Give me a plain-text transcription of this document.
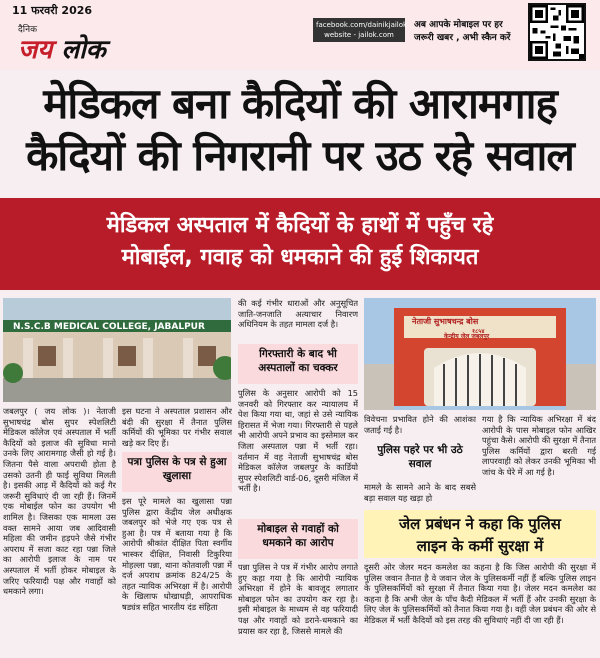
11 फरवरी 2026
दैनिक
जय लोक
facebook.com/dainikjailok
website - jailok.com
अब आपके मोबाइल पर हर
जरूरी खबर , अभी स्कैन करें
मेडिकल बना कैदियों की आरामगाह
कैदियों की निगरानी पर उठ रहे सवाल
मेडिकल अस्पताल में कैदियों के हाथों में पहुँच रहे
मोबाईल, गवाह को धमकाने की हुई शिकायत
N.S.C.B MEDICAL COLLEGE, JABALPUR
नेताजी सुभाषचन्द्र बोस
१८५४
केन्द्रीय जेल जबलपुर
जबलपुर ( जय लोक )। नेताजी सुभाषचंद्र बोस सुपर स्पेशलिटी मेडिकल कॉलेज एवं अस्पताल में भर्ती कैदियों को इलाज की सुविधा मानो उनके लिए आरामगाह जैसी हो गई है। जितना पैसे वाला अपराधी होता है उसको उतनी ही फाई सुविधा मिलती है। इसकी आड़ में कैदियों को कई गैर जरूरी सुविधाएं दी जा रही हैं। जिनमें एक मोबाईल फोन का उपयोग भी शामिल है। जिसका एक मामला उस वक्त सामने आया जब आदिवासी महिला की जमीन हड़पने जैसे गंभीर अपराध में सजा काट रहा पन्ना जिले का आरोपी इलाज के नाम पर अस्पताल में भर्ती होकर मोबाइल के जरिए फरियादी पक्ष और गवाहों को धमकाने लगा।
इस घटना ने अस्पताल प्रशासन और बंदी की सुरक्षा में तैनात पुलिस कर्मियों की भूमिका पर गंभीर सवाल खड़े कर दिए हैं।
पत्रा पुलिस के पत्र से हुआ खुलासा
इस पूरे मामले का खुलासा पन्ना पुलिस द्वारा केंद्रीय जेल अधीक्षक जबलपुर को भेजे गए एक पत्र से हुआ है। पत्र में बताया गया है कि आरोपी श्रीकांत दीक्षित पिता स्वर्गीय भास्कर दीक्षित, निवासी टिकुरिया मोहल्ला पन्ना, थाना कोतवाली पन्ना में दर्ज अपराध क्रमांक 824/25 के तहत न्यायिक अभिरक्षा में है। आरोपी के खिलाफ धोखाधड़ी, आपराधिक षड्यंत्र सहित भारतीय दंड संहिता
की कई गंभीर धाराओं और अनुसूचित जाति-जनजाति अत्याचार निवारण अधिनियम के तहत मामला दर्ज है।
गिरफ्तारी के बाद भी अस्पतालों का चक्कर
पुलिस के अनुसार आरोपी को 15 जनवरी को गिरफ्तार कर न्यायालय में पेश किया गया था, जहां से उसे न्यायिक हिरासत में भेजा गया। गिरफ्तारी से पहले भी आरोपी अपने प्रभाव का इस्तेमाल कर जिला अस्पताल पन्ना में भर्ती रहा। वर्तमान में वह नेताजी सुभाषचंद्र बोस मेडिकल कॉलेज जबलपुर के कार्डियो सुपर स्पेशलिटी वार्ड-06, दूसरी मंजिल में भर्ती है।
मोबाइल से गवाहों को धमकाने का आरोप
पन्ना पुलिस ने पत्र में गंभीर आरोप लगाते हुए कहा गया है कि आरोपी न्यायिक अभिरक्षा में होने के बावजूद लगातार मोबाइल फोन का उपयोग कर रहा है। इसी मोबाइल के माध्यम से वह फरियादी पक्ष और गवाहों को डराने-धमकाने का प्रयास कर रहा है, जिससे मामले की
विवेचना प्रभावित होने की आशंका जताई गई है।
पुलिस पहरे पर भी उठे सवाल
मामले के सामने आने के बाद सबसे बड़ा सवाल यह खड़ा हो
गया है कि न्यायिक अभिरक्षा में बंद आरोपी के पास मोबाइल फोन आखिर पहुंचा कैसे। आरोपी की सुरक्षा में तैनात पुलिस कर्मियों द्वारा बरती गई लापरवाही को लेकर उनकी भूमिका भी जांच के घेरे में आ गई है।
जेल प्रबंधन ने कहा कि पुलिस
लाइन के कर्मी सुरक्षा में
दूसरी ओर जेलर मदन कमलेश का कहना है कि जिस आरोपी की सुरक्षा में पुलिस जवान तैनात है वे जवान जेल के पुलिसकर्मी नहीं हैं बल्कि पुलिस लाइन के पुलिसकर्मियों को सुरक्षा में तैनात किया गया है। जेलर मदन कमलेश का कहना है कि अभी जेल के पाँच कैदी मेडिकल में भर्ती हैं और उनकी सुरक्षा के लिए जेल के पुलिसकर्मियों को तैनात किया गया है। वहीं जेल प्रबंधन की ओर से मेडिकल में भर्ती कैदियों को इस तरह की सुविधाएं नहीं दी जा रही हैं।
